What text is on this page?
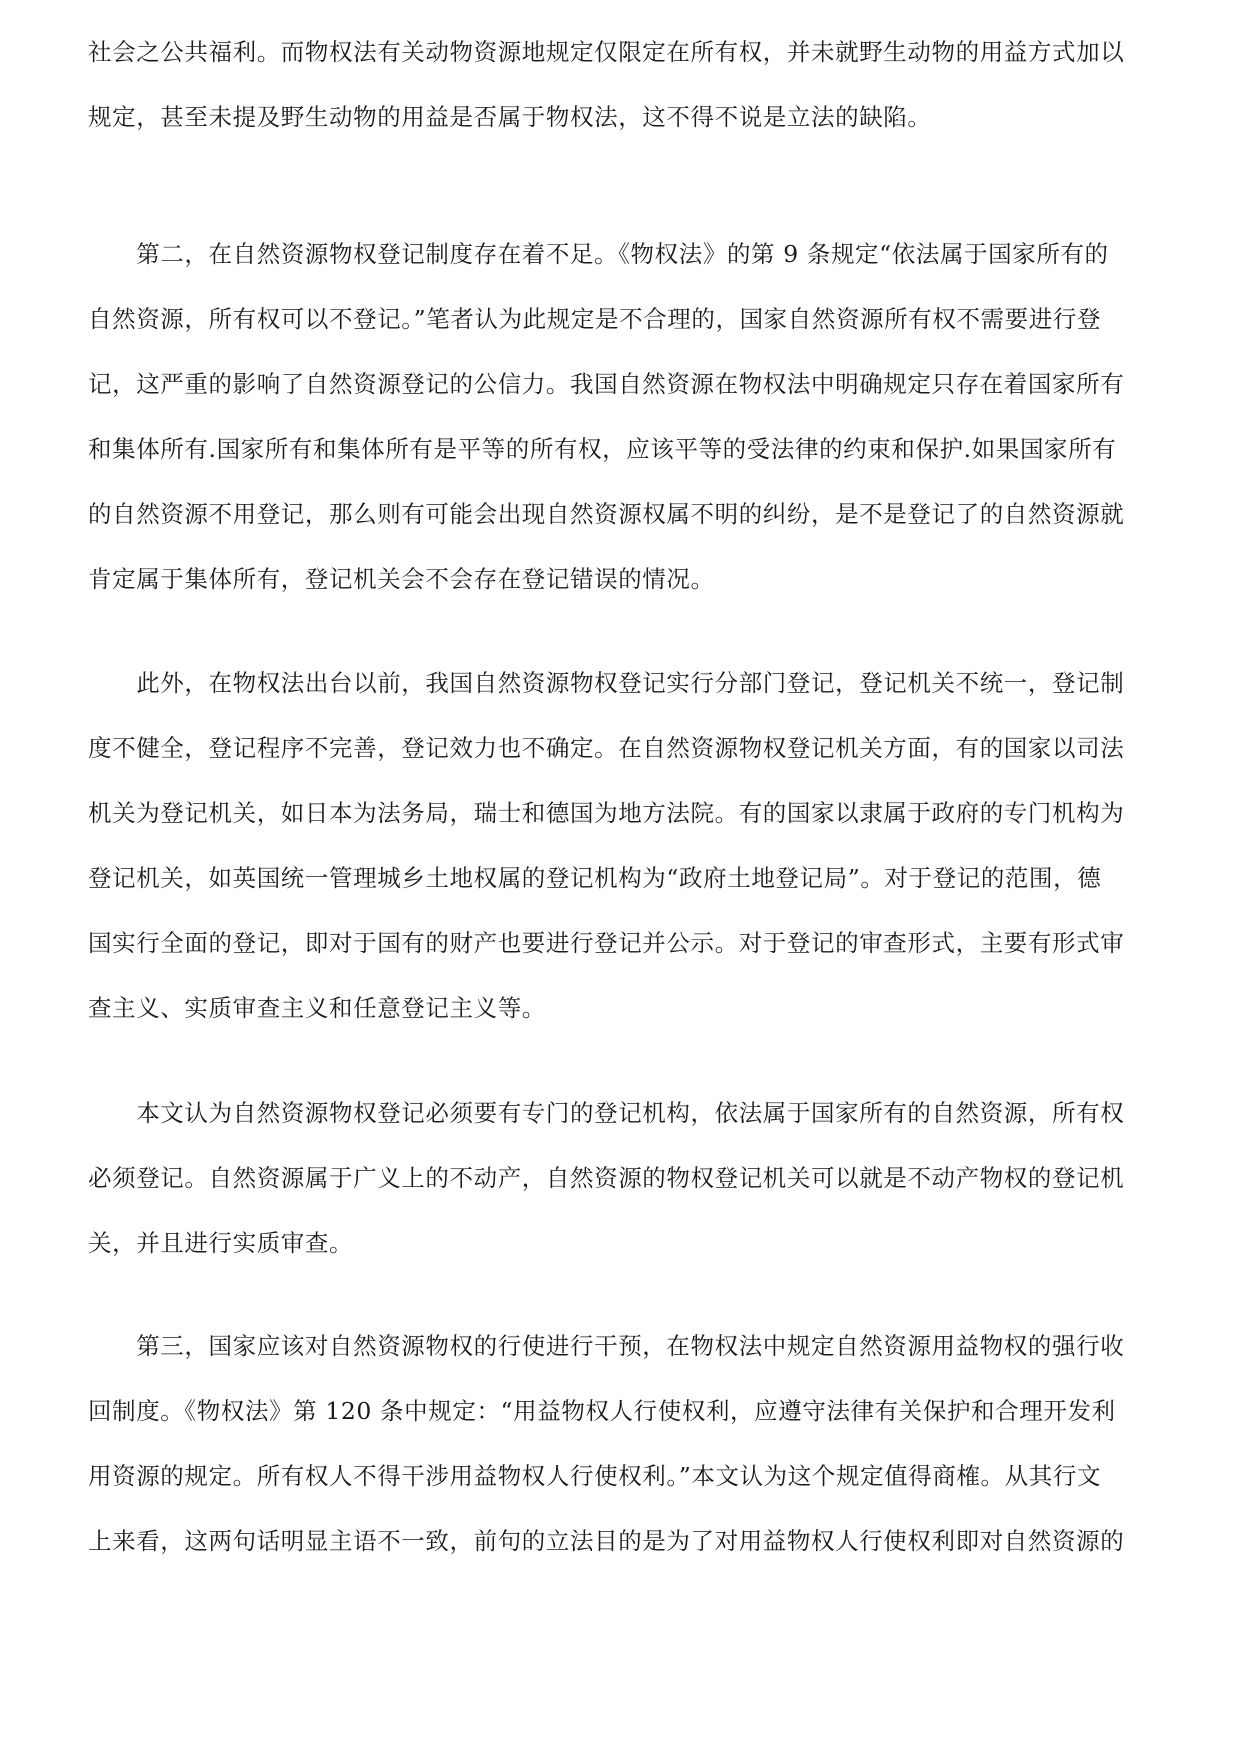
社会之公共福利。而物权法有关动物资源地规定仅限定在所有权，并未就野生动物的用益方式加以
规定，甚至未提及野生动物的用益是否属于物权法，这不得不说是立法的缺陷。
　　第二，在自然资源物权登记制度存在着不足。《物权法》的第 9 条规定“依法属于国家所有的
自然资源，所有权可以不登记。”笔者认为此规定是不合理的，国家自然资源所有权不需要进行登
记，这严重的影响了自然资源登记的公信力。我国自然资源在物权法中明确规定只存在着国家所有
和集体所有.国家所有和集体所有是平等的所有权，应该平等的受法律的约束和保护.如果国家所有
的自然资源不用登记，那么则有可能会出现自然资源权属不明的纠纷，是不是登记了的自然资源就
肯定属于集体所有，登记机关会不会存在登记错误的情况。
　　此外，在物权法出台以前，我国自然资源物权登记实行分部门登记，登记机关不统一，登记制
度不健全，登记程序不完善，登记效力也不确定。在自然资源物权登记机关方面，有的国家以司法
机关为登记机关，如日本为法务局，瑞士和德国为地方法院。有的国家以隶属于政府的专门机构为
登记机关，如英国统一管理城乡土地权属的登记机构为“政府土地登记局”。对于登记的范围，德
国实行全面的登记，即对于国有的财产也要进行登记并公示。对于登记的审查形式，主要有形式审
查主义、实质审查主义和任意登记主义等。
　　本文认为自然资源物权登记必须要有专门的登记机构，依法属于国家所有的自然资源，所有权
必须登记。自然资源属于广义上的不动产，自然资源的物权登记机关可以就是不动产物权的登记机
关，并且进行实质审查。
　　第三，国家应该对自然资源物权的行使进行干预，在物权法中规定自然资源用益物权的强行收
回制度。《物权法》第 120 条中规定：“用益物权人行使权利，应遵守法律有关保护和合理开发利
用资源的规定。所有权人不得干涉用益物权人行使权利。”本文认为这个规定值得商榷。从其行文
上来看，这两句话明显主语不一致，前句的立法目的是为了对用益物权人行使权利即对自然资源的
